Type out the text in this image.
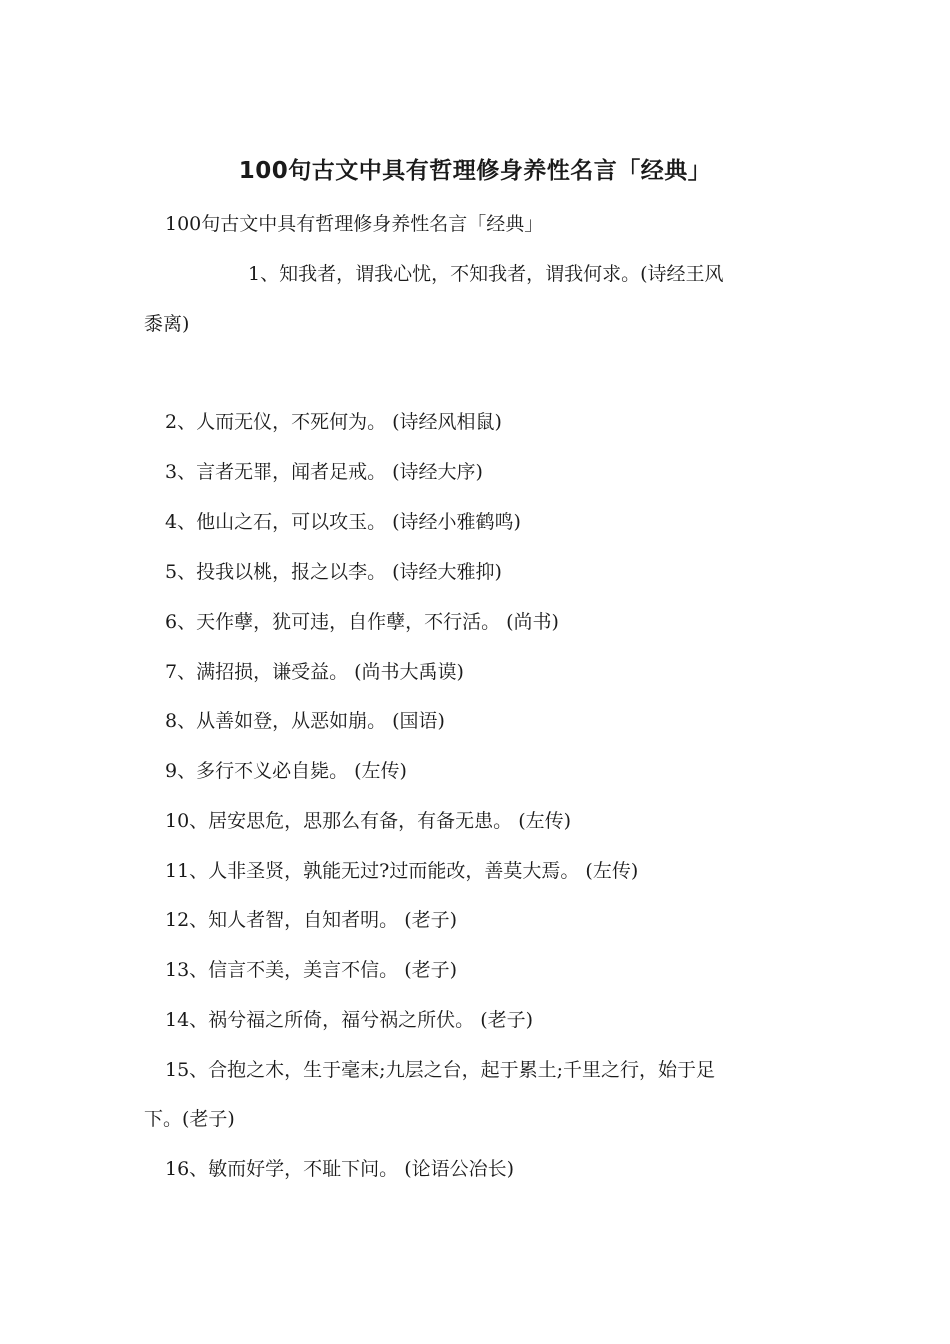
100句古文中具有哲理修身养性名言「经典」
100句古文中具有哲理修身养性名言「经典」
1、知我者，谓我心忧，不知我者，谓我何求。(诗经王风
黍离)
2、人而无仪，不死何为。 (诗经风相鼠)
3、言者无罪，闻者足戒。 (诗经大序)
4、他山之石，可以攻玉。 (诗经小雅鹤鸣)
5、投我以桃，报之以李。 (诗经大雅抑)
6、天作孽，犹可违，自作孽，不行活。 (尚书)
7、满招损，谦受益。 (尚书大禹谟)
8、从善如登，从恶如崩。 (国语)
9、多行不义必自毙。 (左传)
10、居安思危，思那么有备，有备无患。 (左传)
11、人非圣贤，孰能无过?过而能改，善莫大焉。 (左传)
12、知人者智，自知者明。 (老子)
13、信言不美，美言不信。 (老子)
14、祸兮福之所倚，福兮祸之所伏。 (老子)
15、合抱之木，生于毫末;九层之台，起于累土;千里之行，始于足
下。(老子)
16、敏而好学，不耻下问。 (论语公冶长)
